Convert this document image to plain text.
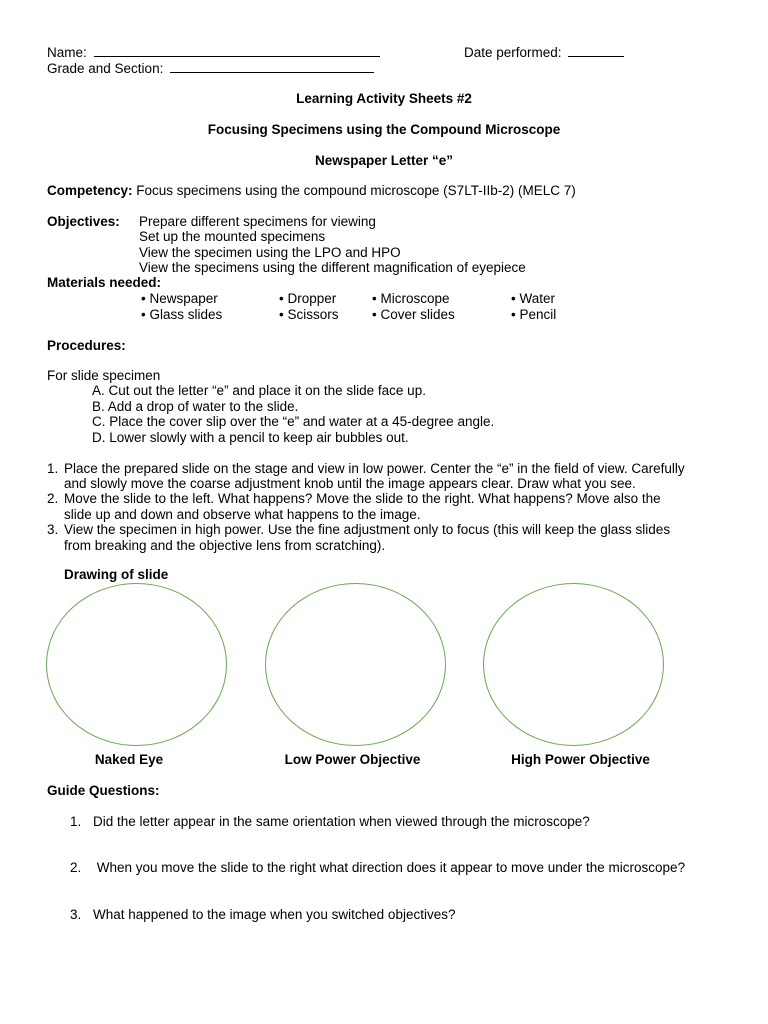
Name:	Date performed:
Grade and Section:
Learning Activity Sheets #2
Focusing Specimens using the Compound Microscope
Newspaper Letter “e”
Competency: Focus specimens using the compound microscope (S7LT-IIb-2) (MELC 7)
Objectives: Prepare different specimens for viewing
Set up the mounted specimens
View the specimen using the LPO and HPO
View the specimens using the different magnification of eyepiece
Materials needed:
• Newspaper	• Dropper	• Microscope	• Water
• Glass slides	• Scissors • Cover slides	• Pencil
Procedures:
For slide specimen
A. Cut out the letter “e” and place it on the slide face up.
B. Add a drop of water to the slide.
C. Place the cover slip over the “e” and water at a 45-degree angle.
D. Lower slowly with a pencil to keep air bubbles out.
1. Place the prepared slide on the stage and view in low power. Center the “e” in the field of view. Carefully
and slowly move the coarse adjustment knob until the image appears clear. Draw what you see.
2. Move the slide to the left. What happens? Move the slide to the right. What happens? Move also the
slide up and down and observe what happens to the image.
3. View the specimen in high power. Use the fine adjustment only to focus (this will keep the glass slides
from breaking and the objective lens from scratching).
Drawing of slide
Naked Eye	Low Power Objective	High Power Objective
Guide Questions:
1. Did the letter appear in the same orientation when viewed through the microscope?
2. When you move the slide to the right what direction does it appear to move under the microscope?
3. What happened to the image when you switched objectives?
